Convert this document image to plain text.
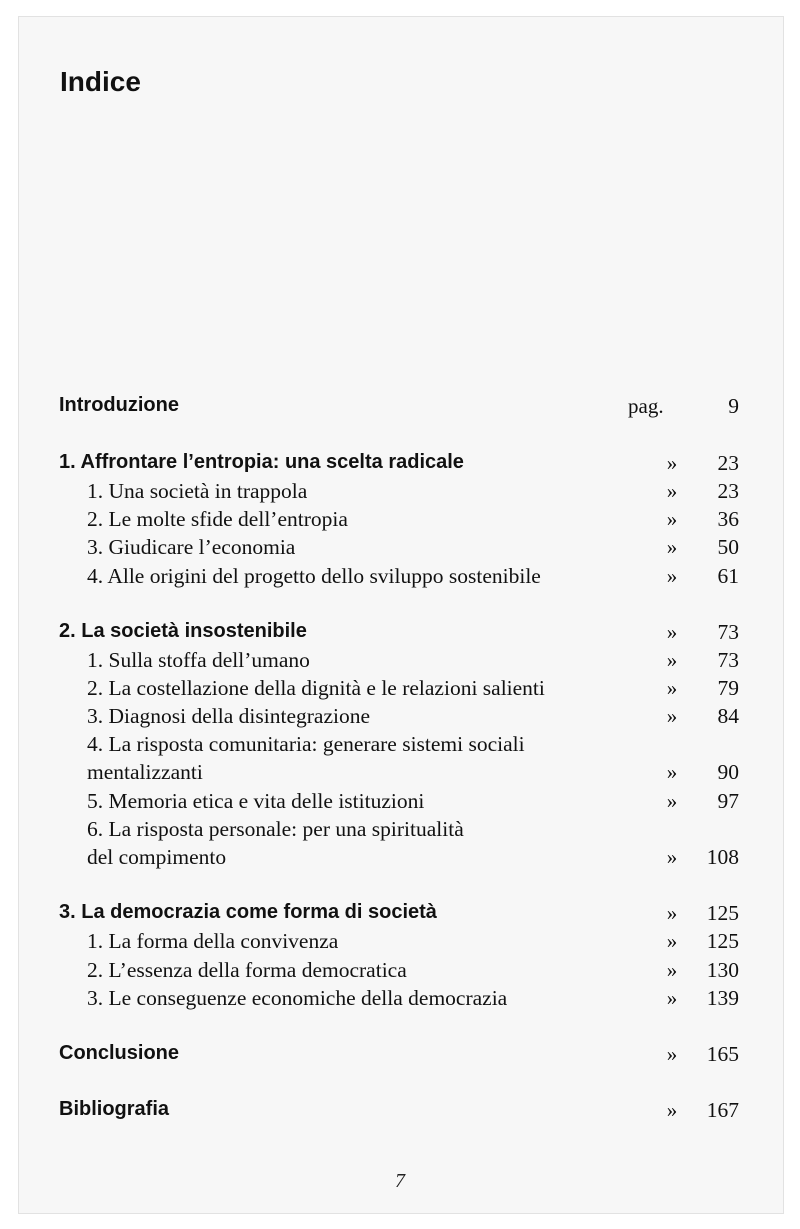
Indice
Introduzione	pag.	9
1. Affrontare l’entropia: una scelta radicale	»	23
1. Una società in trappola	»	23
2. Le molte sfide dell’entropia	»	36
3. Giudicare l’economia	»	50
4. Alle origini del progetto dello sviluppo sostenibile	»	61
2. La società insostenibile	»	73
1. Sulla stoffa dell’umano	»	73
2. La costellazione della dignità e le relazioni salienti	»	79
3. Diagnosi della disintegrazione	»	84
4. La risposta comunitaria: generare sistemi sociali
mentalizzanti	»	90
5. Memoria etica e vita delle istituzioni	»	97
6. La risposta personale: per una spiritualità
del compimento	»	108
3. La democrazia come forma di società	»	125
1. La forma della convivenza	»	125
2. L’essenza della forma democratica	»	130
3. Le conseguenze economiche della democrazia	»	139
Conclusione	»	165
Bibliografia	»	167
7
